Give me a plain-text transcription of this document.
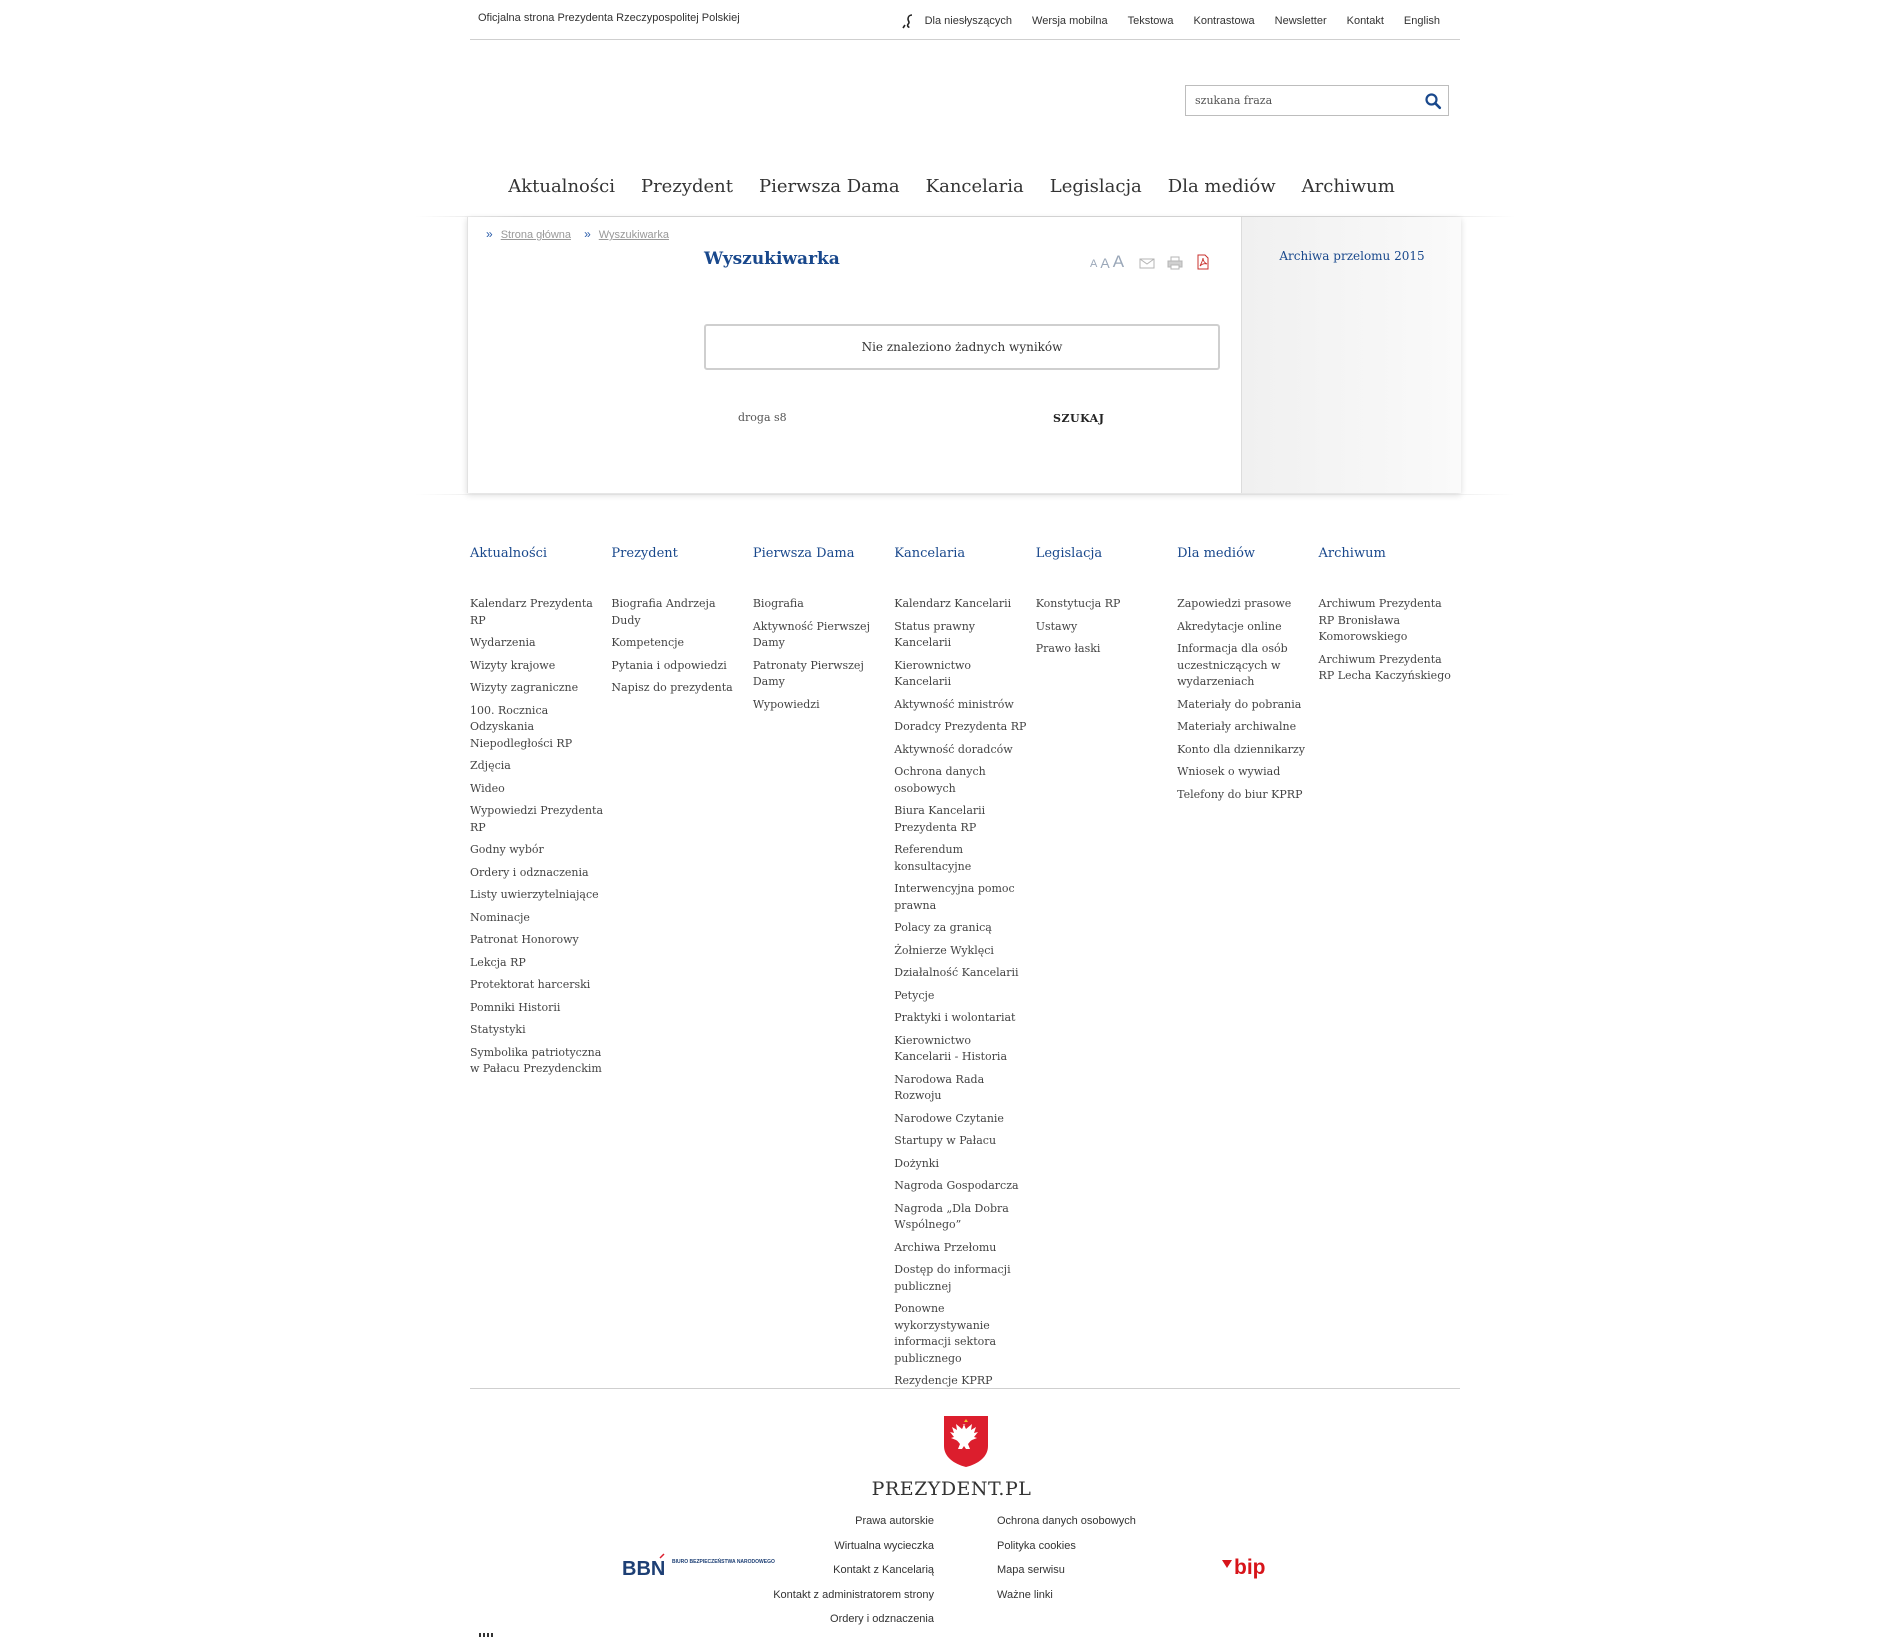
Oficjalna strona Prezydenta Rzeczypospolitej Polskiej	Dla niesłyszących Wersja mobilna Tekstowa Kontrastowa Newsletter Kontakt English
szukana fraza
Aktualności Prezydent Pierwsza Dama Kancelaria Legislacja Dla mediów Archiwum
» Strona główna » Wyszukiwarka
Wyszukiwarka	A A A
Nie znaleziono żadnych wyników
droga s8	SZUKAJ
Archiwa przelomu 2015
Aktualności
Kalendarz Prezydenta RP
Wydarzenia
Wizyty krajowe
Wizyty zagraniczne
100. Rocznica Odzyskania Niepodległości RP
Zdjęcia
Wideo
Wypowiedzi Prezydenta RP
Godny wybór
Ordery i odznaczenia
Listy uwierzytelniające
Nominacje
Patronat Honorowy
Lekcja RP
Protektorat harcerski
Pomniki Historii
Statystyki
Symbolika patriotyczna w Pałacu Prezydenckim
Prezydent
Biografia Andrzeja Dudy
Kompetencje
Pytania i odpowiedzi
Napisz do prezydenta
Pierwsza Dama
Biografia
Aktywność Pierwszej Damy
Patronaty Pierwszej Damy
Wypowiedzi
Kancelaria
Kalendarz Kancelarii
Status prawny Kancelarii
Kierownictwo Kancelarii
Aktywność ministrów
Doradcy Prezydenta RP
Aktywność doradców
Ochrona danych osobowych
Biura Kancelarii Prezydenta RP
Referendum konsultacyjne
Interwencyjna pomoc prawna
Polacy za granicą
Żołnierze Wyklęci
Działalność Kancelarii
Petycje
Praktyki i wolontariat
Kierownictwo Kancelarii - Historia
Narodowa Rada Rozwoju
Narodowe Czytanie
Startupy w Pałacu
Dożynki
Nagroda Gospodarcza
Nagroda „Dla Dobra Wspólnego”
Archiwa Przełomu
Dostęp do informacji publicznej
Ponowne wykorzystywanie informacji sektora publicznego
Rezydencje KPRP
Legislacja
Konstytucja RP
Ustawy
Prawo łaski
Dla mediów
Zapowiedzi prasowe
Akredytacje online
Informacja dla osób uczestniczących w wydarzeniach
Materiały do pobrania
Materiały archiwalne
Konto dla dziennikarzy
Wniosek o wywiad
Telefony do biur KPRP
Archiwum
Archiwum Prezydenta RP Bronisława Komorowskiego
Archiwum Prezydenta RP Lecha Kaczyńskiego
PREZYDENT.PL
Prawa autorskie
Wirtualna wycieczka
Kontakt z Kancelarią
Kontakt z administratorem strony
Ordery i odznaczenia
Ochrona danych osobowych
Polityka cookies
Mapa serwisu
Ważne linki
BBN BIURO BEZPIECZEŃSTWA NARODOWEGO	bip
